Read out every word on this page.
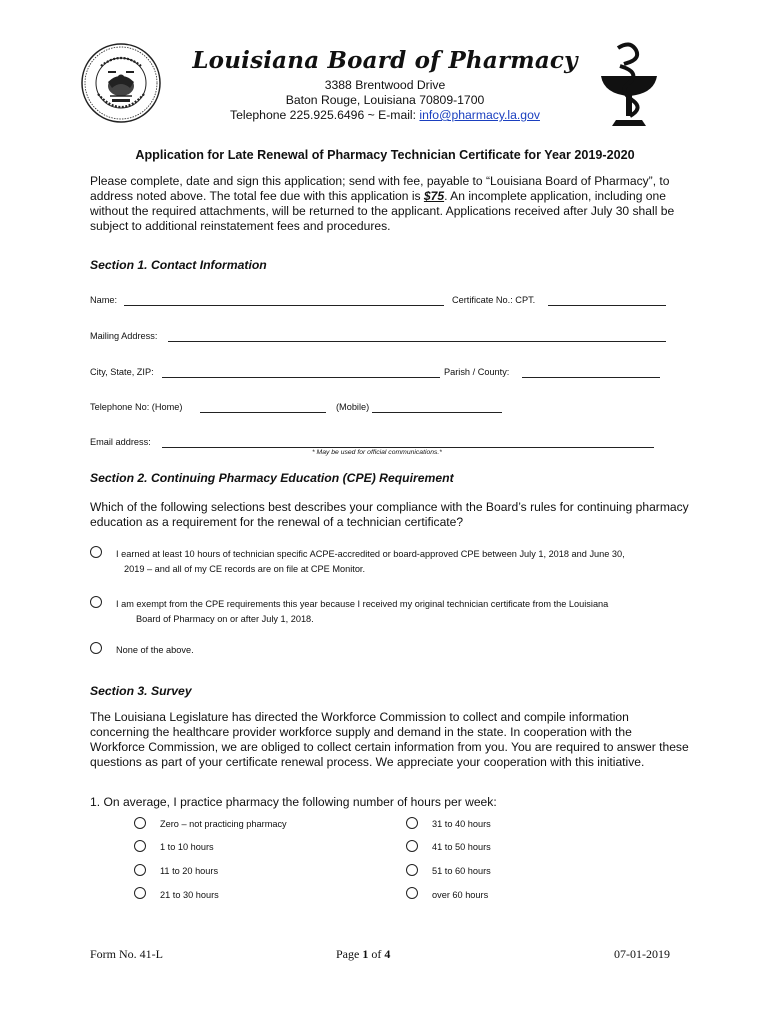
Louisiana Board of Pharmacy
3388 Brentwood Drive
Baton Rouge, Louisiana 70809-1700
Telephone 225.925.6496 ~ E-mail: info@pharmacy.la.gov
Application for Late Renewal of Pharmacy Technician Certificate for Year 2019-2020
Please complete, date and sign this application; send with fee, payable to “Louisiana Board of Pharmacy”, to address noted above. The total fee due with this application is $75. An incomplete application, including one without the required attachments, will be returned to the applicant. Applications received after July 30 shall be subject to additional reinstatement fees and procedures.
Section 1. Contact Information
Name:	Certificate No.: CPT.
Mailing Address:
City, State, ZIP:	Parish / County:
Telephone No: (Home)	(Mobile)
Email address:
* May be used for official communications.*
Section 2. Continuing Pharmacy Education (CPE) Requirement
Which of the following selections best describes your compliance with the Board’s rules for continuing pharmacy education as a requirement for the renewal of a technician certificate?
I earned at least 10 hours of technician specific ACPE-accredited or board-approved CPE between July 1, 2018 and June 30,
2019 – and all of my CE records are on file at CPE Monitor.
I am exempt from the CPE requirements this year because I received my original technician certificate from the Louisiana
Board of Pharmacy on or after July 1, 2018.
None of the above.
Section 3. Survey
The Louisiana Legislature has directed the Workforce Commission to collect and compile information concerning the healthcare provider workforce supply and demand in the state. In cooperation with the Workforce Commission, we are obliged to collect certain information from you. You are required to answer these questions as part of your certificate renewal process. We appreciate your cooperation with this initiative.
1. On average, I practice pharmacy the following number of hours per week:
Zero – not practicing pharmacy
1 to 10 hours
11 to 20 hours
21 to 30 hours
31 to 40 hours
41 to 50 hours
51 to 60 hours
over 60 hours
Form No. 41-L	Page 1 of 4	07-01-2019
